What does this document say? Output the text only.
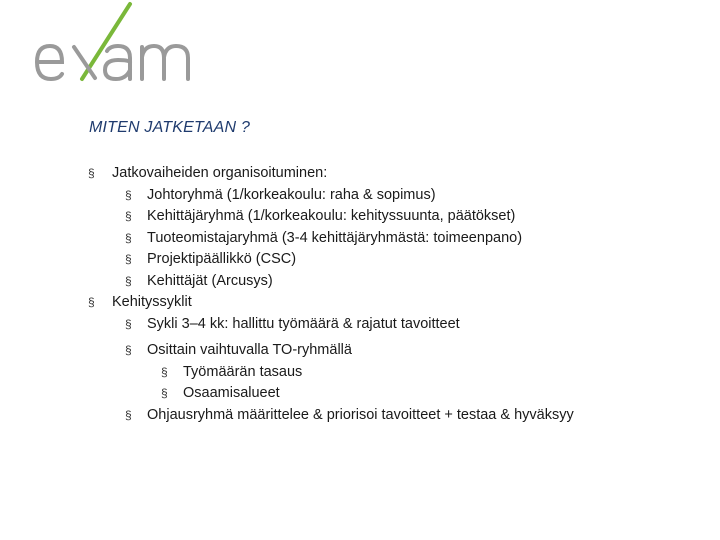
MITEN JATKETAAN ?
§ Jatkovaiheiden organisoituminen:
§ Johtoryhmä (1/korkeakoulu: raha & sopimus)
§ Kehittäjäryhmä (1/korkeakoulu: kehityssuunta, päätökset)
§ Tuoteomistajaryhmä (3-4 kehittäjäryhmästä: toimeenpano)
§ Projektipäällikkö (CSC)
§ Kehittäjät (Arcusys)
§ Kehityssyklit
§ Sykli 3–4 kk: hallittu työmäärä & rajatut tavoitteet
§ Osittain vaihtuvalla TO-ryhmällä
§ Työmäärän tasaus
§ Osaamisalueet
§ Ohjausryhmä määrittelee & priorisoi tavoitteet + testaa & hyväksyy
